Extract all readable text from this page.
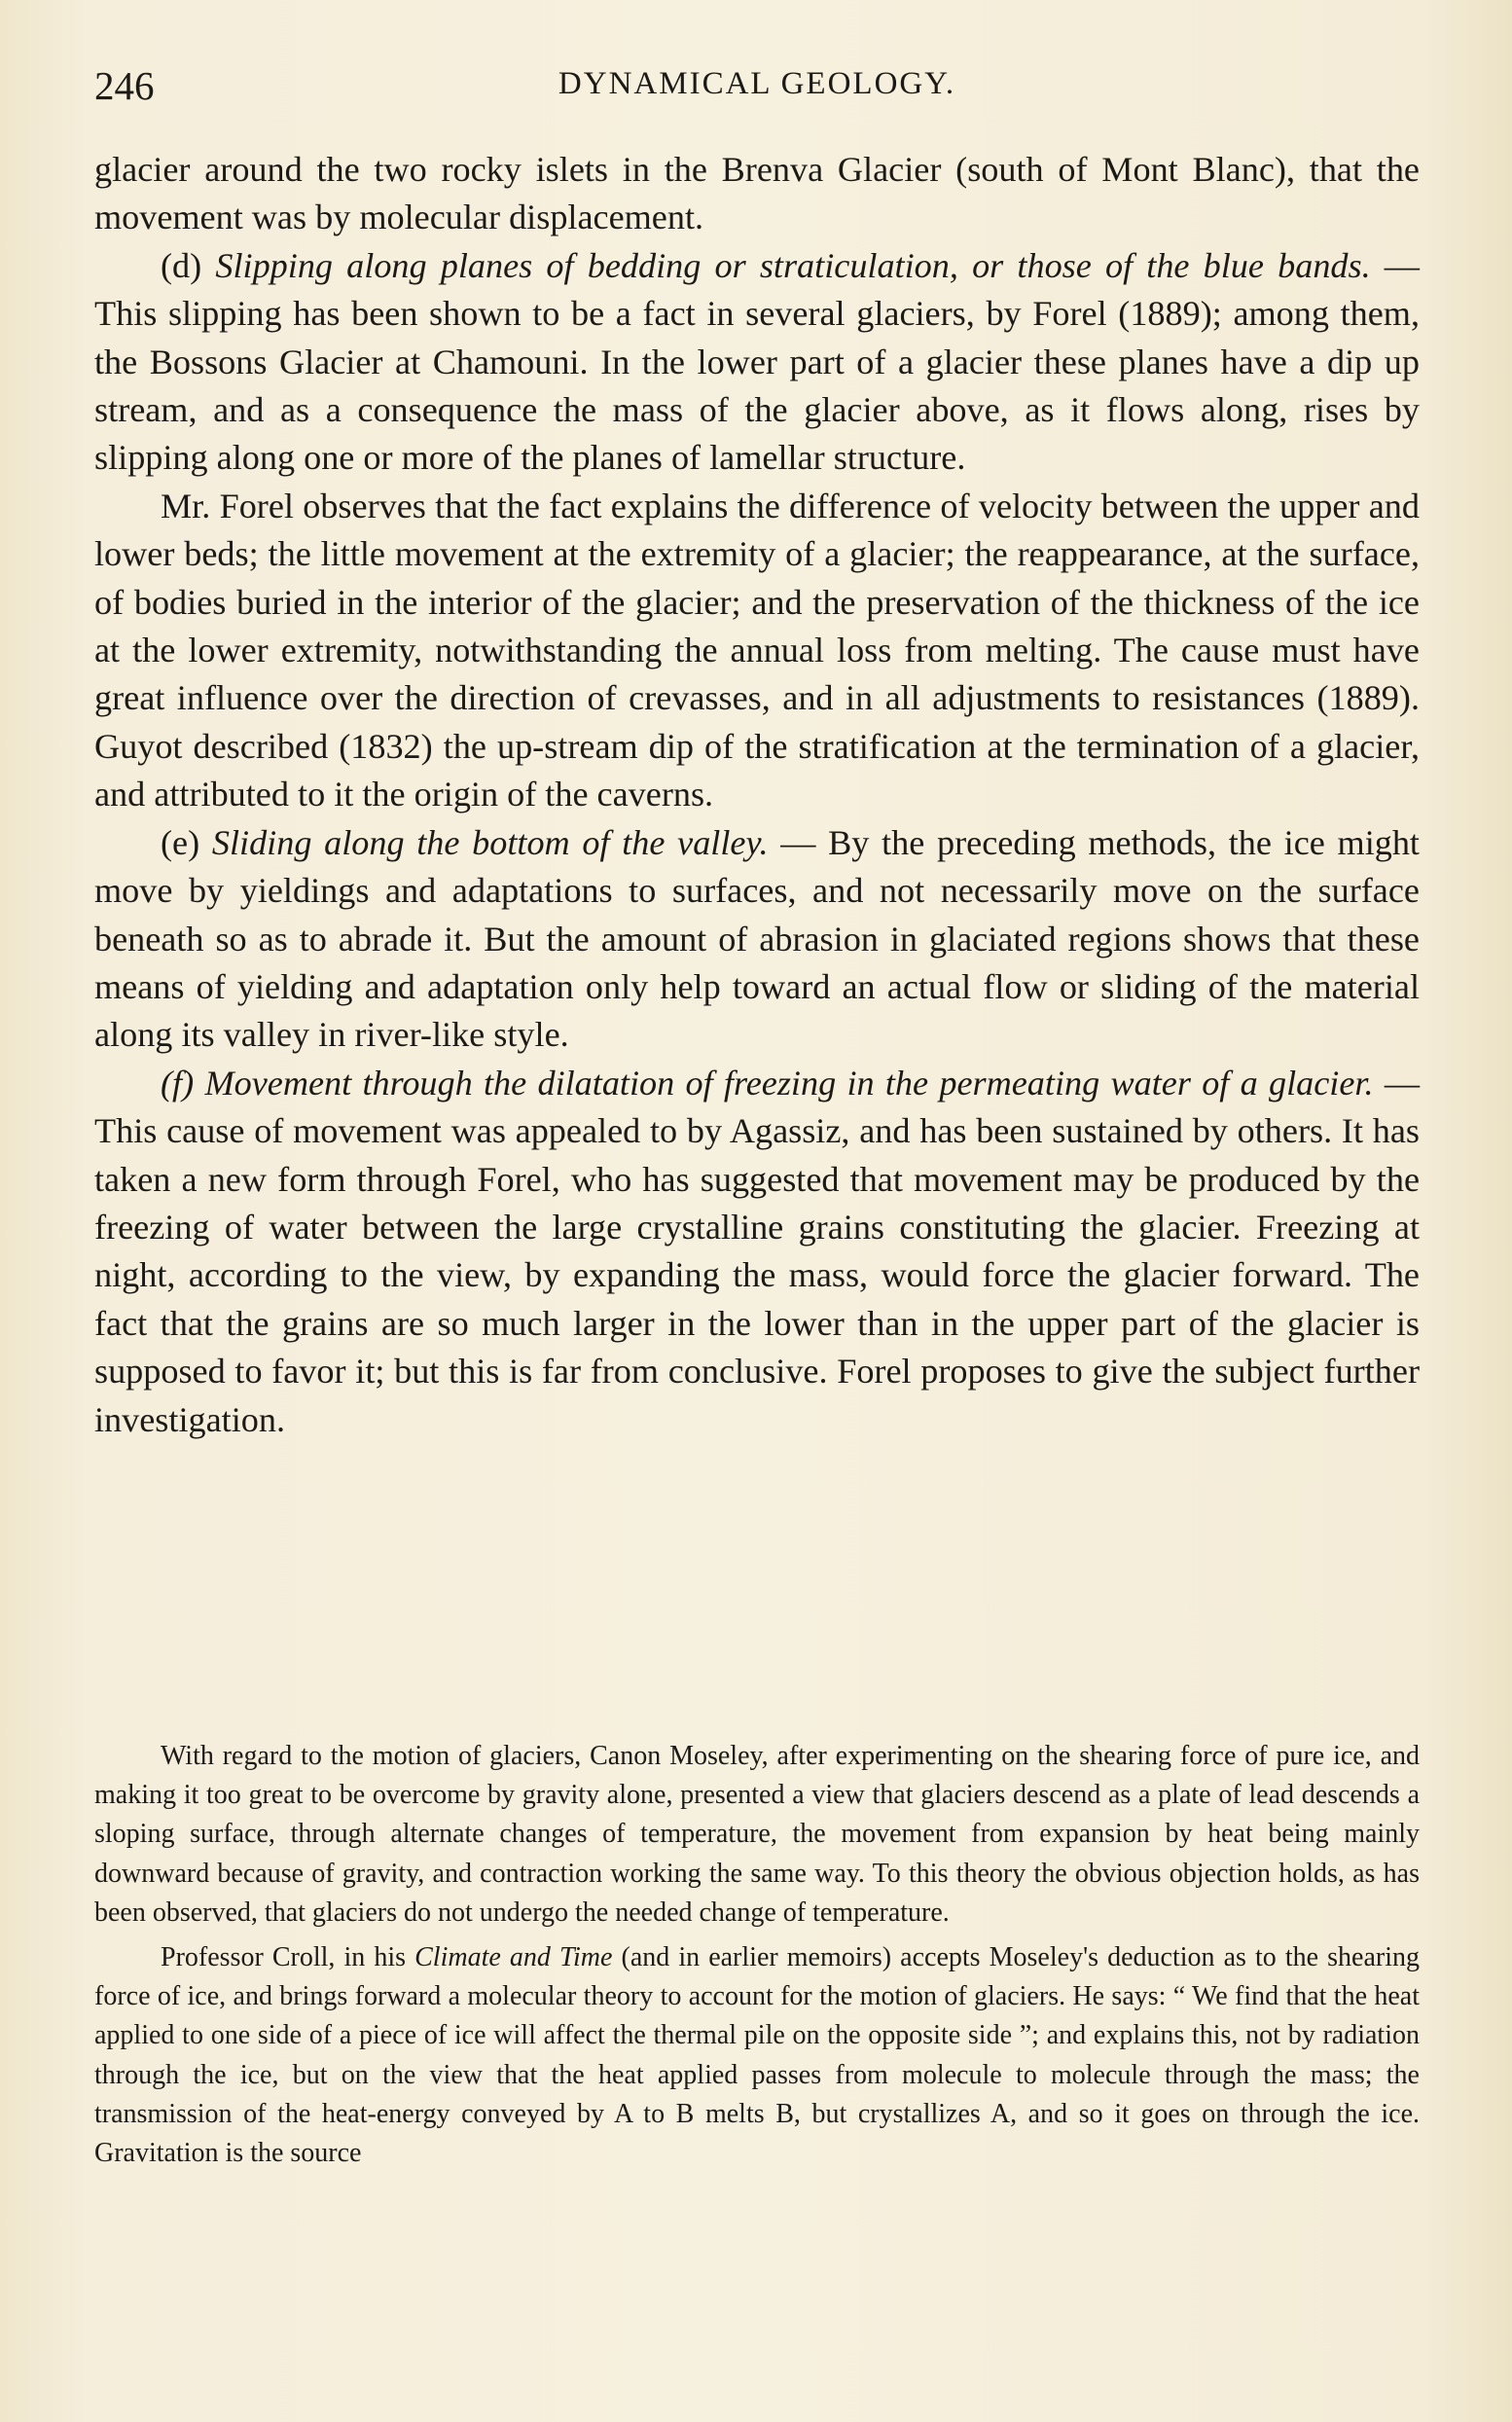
246	DYNAMICAL GEOLOGY.

glacier around the two rocky islets in the Brenva Glacier (south of Mont Blanc), that the movement was by molecular displacement.

(d) Slipping along planes of bedding or straticulation, or those of the blue bands. — This slipping has been shown to be a fact in several glaciers, by Forel (1889); among them, the Bossons Glacier at Chamouni. In the lower part of a glacier these planes have a dip up stream, and as a consequence the mass of the glacier above, as it flows along, rises by slipping along one or more of the planes of lamellar structure.

Mr. Forel observes that the fact explains the difference of velocity between the upper and lower beds; the little movement at the extremity of a glacier; the reappearance, at the surface, of bodies buried in the interior of the glacier; and the preservation of the thickness of the ice at the lower extremity, notwithstanding the annual loss from melting. The cause must have great influence over the direction of crevasses, and in all adjustments to resistances (1889). Guyot described (1832) the up-stream dip of the stratification at the termination of a glacier, and attributed to it the origin of the caverns.

(e) Sliding along the bottom of the valley. — By the preceding methods, the ice might move by yieldings and adaptations to surfaces, and not necessarily move on the surface beneath so as to abrade it. But the amount of abrasion in glaciated regions shows that these means of yielding and adaptation only help toward an actual flow or sliding of the material along its valley in river-like style.

(f) Movement through the dilatation of freezing in the permeating water of a glacier. — This cause of movement was appealed to by Agassiz, and has been sustained by others. It has taken a new form through Forel, who has suggested that movement may be produced by the freezing of water between the large crystalline grains constituting the glacier. Freezing at night, according to the view, by expanding the mass, would force the glacier forward. The fact that the grains are so much larger in the lower than in the upper part of the glacier is supposed to favor it; but this is far from conclusive. Forel proposes to give the subject further investigation.

With regard to the motion of glaciers, Canon Moseley, after experimenting on the shearing force of pure ice, and making it too great to be overcome by gravity alone, presented a view that glaciers descend as a plate of lead descends a sloping surface, through alternate changes of temperature, the movement from expansion by heat being mainly downward because of gravity, and contraction working the same way. To this theory the obvious objection holds, as has been observed, that glaciers do not undergo the needed change of temperature.

Professor Croll, in his Climate and Time (and in earlier memoirs) accepts Moseley's deduction as to the shearing force of ice, and brings forward a molecular theory to account for the motion of glaciers. He says: “ We find that the heat applied to one side of a piece of ice will affect the thermal pile on the opposite side ”; and explains this, not by radiation through the ice, but on the view that the heat applied passes from molecule to molecule through the mass; the transmission of the heat-energy conveyed by A to B melts B, but crystallizes A, and so it goes on through the ice. Gravitation is the source
